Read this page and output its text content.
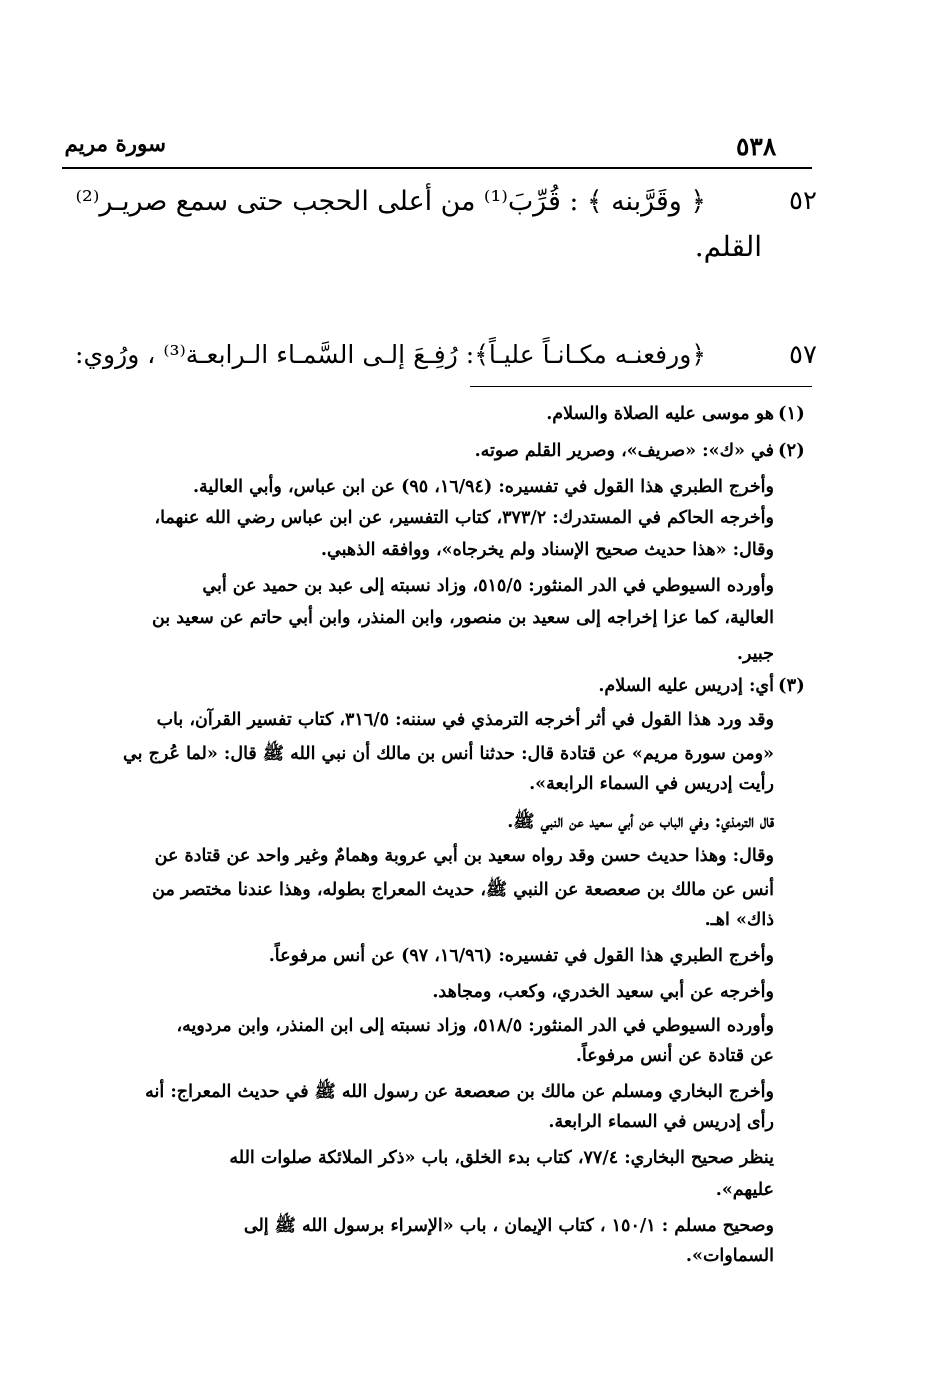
٥٣٨
سورة مريم
٥٢
﴿ وقَرَّبنه ﴾ : قُرِّبَ⁽¹⁾ من أعلى الحجب حتى سمع صريـر⁽²⁾
القلم.
٥٧
﴿ورفعنـه مكـانـاً عليـاً﴾: رُفِـعَ إلـى السَّمـاء الـرابعـة⁽³⁾ ، ورُوي:
(١)
هو موسى عليه الصلاة والسلام.
(٢)
في «ك»: «صريف»، وصرير القلم صوته.
وأخرج الطبري هذا القول في تفسيره: (١٦/٩٤، ٩٥) عن ابن عباس، وأبي العالية.
وأخرجه الحاكم في المستدرك: ٣٧٣/٢، كتاب التفسير، عن ابن عباس رضي الله عنهما،
وقال: «هذا حديث صحيح الإسناد ولم يخرجاه»، ووافقه الذهبي.
وأورده السيوطي في الدر المنثور: ٥١٥/٥، وزاد نسبته إلى عبد بن حميد عن أبي
العالية، كما عزا إخراجه إلى سعيد بن منصور، وابن المنذر، وابن أبي حاتم عن سعيد بن
جبير.
(٣)
أي: إدريس عليه السلام.
وقد ورد هذا القول في أثر أخرجه الترمذي في سننه: ٣١٦/٥، كتاب تفسير القرآن، باب
«ومن سورة مريم» عن قتادة قال: حدثنا أنس بن مالك أن نبي الله ﷺ قال: «لما عُرج بي
رأيت إدريس في السماء الرابعة».
قال الترمذي: وفي الباب عن أبي سعيد عن النبي ﷺ.
وقال: وهذا حديث حسن وقد رواه سعيد بن أبي عروبة وهمامٌ وغير واحد عن قتادة عن
أنس عن مالك بن صعصعة عن النبي ﷺ، حديث المعراج بطوله، وهذا عندنا مختصر من
ذاك» اهـ.
وأخرج الطبري هذا القول في تفسيره: (١٦/٩٦، ٩٧) عن أنس مرفوعاً.
وأخرجه عن أبي سعيد الخدري، وكعب، ومجاهد.
وأورده السيوطي في الدر المنثور: ٥١٨/٥، وزاد نسبته إلى ابن المنذر، وابن مردويه،
عن قتادة عن أنس مرفوعاً.
وأخرج البخاري ومسلم عن مالك بن صعصعة عن رسول الله ﷺ في حديث المعراج: أنه
رأى إدريس في السماء الرابعة.
ينظر صحيح البخاري: ٧٧/٤، كتاب بدء الخلق، باب «ذكر الملائكة صلوات الله
عليهم».
وصحيح مسلم : ١٥٠/١ ، كتاب الإيمان ، باب «الإسراء برسول الله ﷺ إلى
السماوات».
